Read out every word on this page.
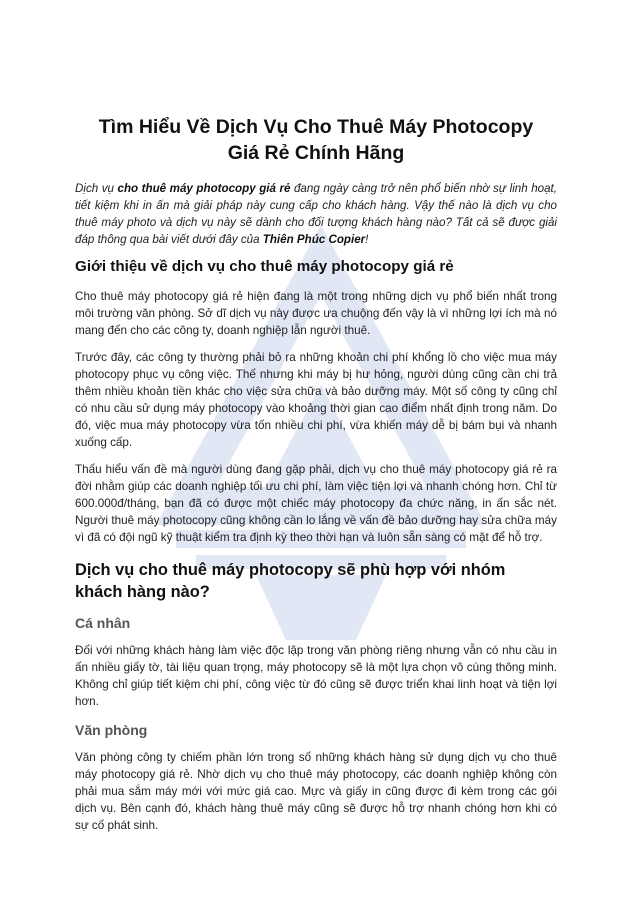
Tìm Hiểu Về Dịch Vụ Cho Thuê Máy Photocopy
Giá Rẻ Chính Hãng

Dịch vụ cho thuê máy photocopy giá rẻ đang ngày càng trở nên phổ biến nhờ sự linh hoạt, tiết kiệm khi in ấn mà giải pháp này cung cấp cho khách hàng. Vậy thế nào là dịch vụ cho thuê máy photo và dịch vụ này sẽ dành cho đối tượng khách hàng nào? Tất cả sẽ được giải đáp thông qua bài viết dưới đây của Thiên Phúc Copier!

Giới thiệu về dịch vụ cho thuê máy photocopy giá rẻ

Cho thuê máy photocopy giá rẻ hiện đang là một trong những dịch vụ phổ biến nhất trong môi trường văn phòng. Sở dĩ dịch vụ này được ưa chuộng đến vậy là vì những lợi ích mà nó mang đến cho các công ty, doanh nghiệp lẫn người thuê.

Trước đây, các công ty thường phải bỏ ra những khoản chi phí khổng lồ cho việc mua máy photocopy phục vụ công việc. Thế nhưng khi máy bị hư hỏng, người dùng cũng cần chi trả thêm nhiều khoản tiền khác cho việc sửa chữa và bảo dưỡng máy. Một số công ty cũng chỉ có nhu cầu sử dụng máy photocopy vào khoảng thời gian cao điểm nhất định trong năm. Do đó, việc mua máy photocopy vừa tốn nhiều chi phí, vừa khiến máy dễ bị bám bụi và nhanh xuống cấp.

Thấu hiểu vấn đề mà người dùng đang gặp phải, dịch vụ cho thuê máy photocopy giá rẻ ra đời nhằm giúp các doanh nghiệp tối ưu chi phí, làm việc tiện lợi và nhanh chóng hơn. Chỉ từ 600.000đ/tháng, bạn đã có được một chiếc máy photocopy đa chức năng, in ấn sắc nét. Người thuê máy photocopy cũng không cần lo lắng về vấn đề bảo dưỡng hay sửa chữa máy vì đã có đội ngũ kỹ thuật kiểm tra định kỳ theo thời hạn và luôn sẵn sàng có mặt để hỗ trợ.

Dịch vụ cho thuê máy photocopy sẽ phù hợp với nhóm khách hàng nào?
Cá nhân

Đối với những khách hàng làm việc độc lập trong văn phòng riêng nhưng vẫn có nhu cầu in ấn nhiều giấy tờ, tài liệu quan trọng, máy photocopy sẽ là một lựa chọn vô cùng thông minh. Không chỉ giúp tiết kiệm chi phí, công việc từ đó cũng sẽ được triển khai linh hoạt và tiện lợi hơn.

Văn phòng

Văn phòng công ty chiếm phần lớn trong số những khách hàng sử dụng dịch vụ cho thuê máy photocopy giá rẻ. Nhờ dịch vụ cho thuê máy photocopy, các doanh nghiệp không còn phải mua sắm máy mới với mức giá cao. Mực và giấy in cũng được đi kèm trong các gói dịch vụ. Bên cạnh đó, khách hàng thuê máy cũng sẽ được hỗ trợ nhanh chóng hơn khi có sự cố phát sinh.
